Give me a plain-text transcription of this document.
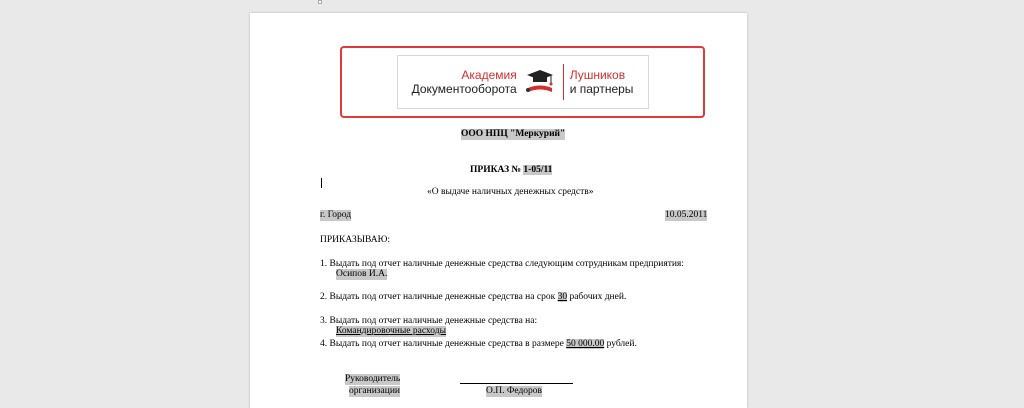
Академия
Документооборота
Лушников
и партнеры
ООО НПЦ "Меркурий"
ПРИКАЗ № 1-05/11
«О выдаче наличных денежных средств»
г. Город	10.05.2011
ПРИКАЗЫВАЮ:
1. Выдать под отчет наличные денежные средства следующим сотрудникам предприятия:
Осипов И.А.
2. Выдать под отчет наличные денежные средства на срок 30 рабочих дней.
3. Выдать под отчет наличные денежные средства на:
Командировочные расходы
4. Выдать под отчет наличные денежные средства в размере 50 000.00 рублей.
Руководитель
организации	О.П. Федоров
